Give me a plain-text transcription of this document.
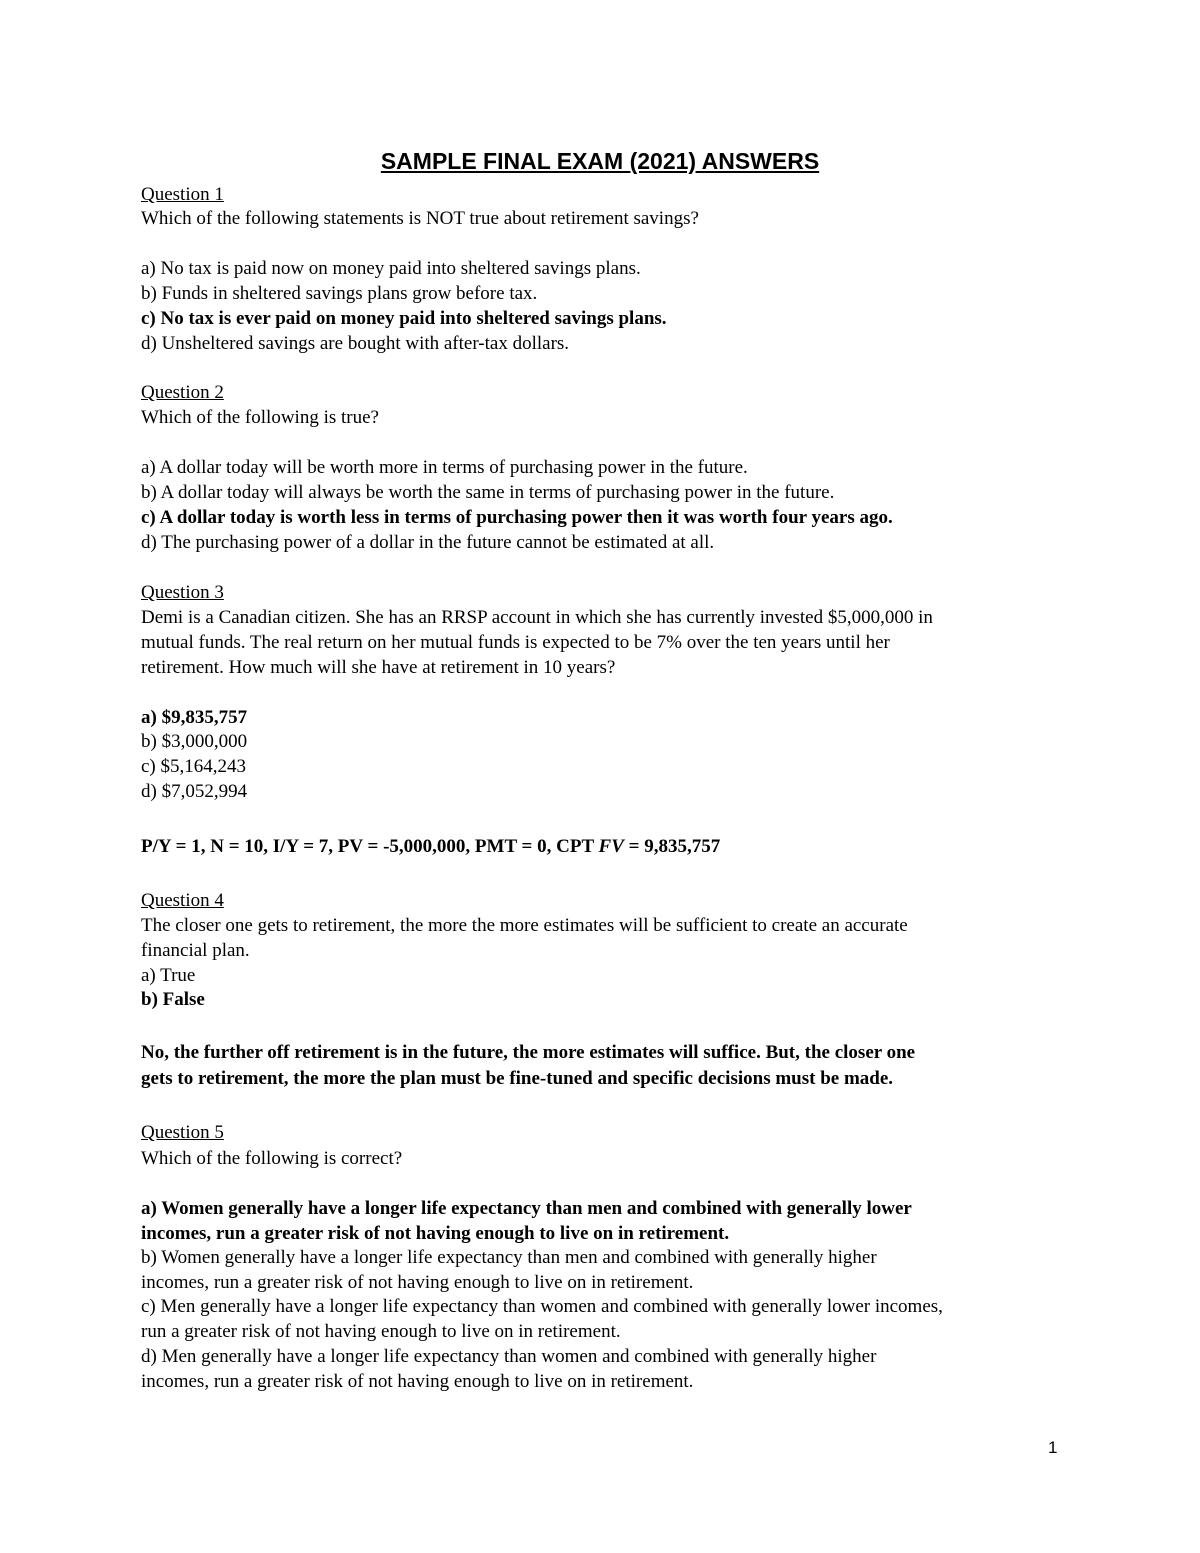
SAMPLE FINAL EXAM (2021) ANSWERS
Question 1
Which of the following statements is NOT true about retirement savings?
a) No tax is paid now on money paid into sheltered savings plans.
b) Funds in sheltered savings plans grow before tax.
c) No tax is ever paid on money paid into sheltered savings plans.
d) Unsheltered savings are bought with after-tax dollars.
Question 2
Which of the following is true?
a) A dollar today will be worth more in terms of purchasing power in the future.
b) A dollar today will always be worth the same in terms of purchasing power in the future.
c) A dollar today is worth less in terms of purchasing power then it was worth four years ago.
d) The purchasing power of a dollar in the future cannot be estimated at all.
Question 3
Demi is a Canadian citizen. She has an RRSP account in which she has currently invested $5,000,000 in
mutual funds. The real return on her mutual funds is expected to be 7% over the ten years until her
retirement. How much will she have at retirement in 10 years?
a) $9,835,757
b) $3,000,000
c) $5,164,243
d) $7,052,994
P/Y = 1, N = 10, I/Y = 7, PV = -5,000,000, PMT = 0, CPT FV = 9,835,757
Question 4
The closer one gets to retirement, the more the more estimates will be sufficient to create an accurate
financial plan.
a) True
b) False
No, the further off retirement is in the future, the more estimates will suffice. But, the closer one
gets to retirement, the more the plan must be fine-tuned and specific decisions must be made.
Question 5
Which of the following is correct?
a) Women generally have a longer life expectancy than men and combined with generally lower
incomes, run a greater risk of not having enough to live on in retirement.
b) Women generally have a longer life expectancy than men and combined with generally higher
incomes, run a greater risk of not having enough to live on in retirement.
c) Men generally have a longer life expectancy than women and combined with generally lower incomes,
run a greater risk of not having enough to live on in retirement.
d) Men generally have a longer life expectancy than women and combined with generally higher
incomes, run a greater risk of not having enough to live on in retirement.
1
